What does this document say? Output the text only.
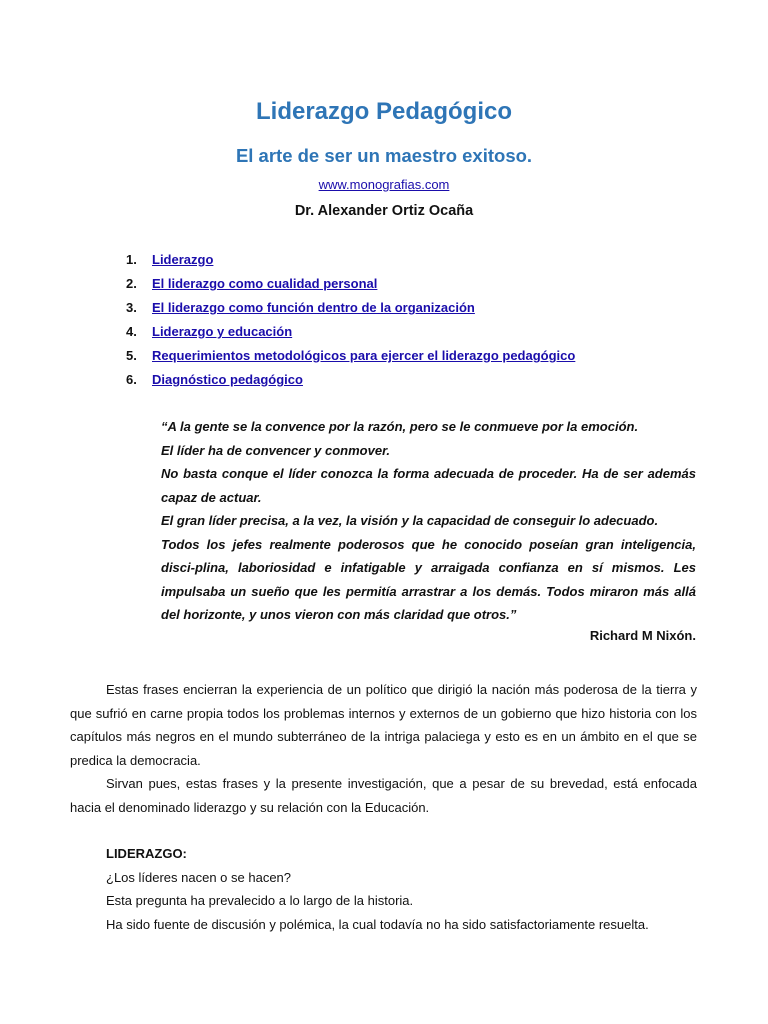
Liderazgo Pedagógico
El arte de ser un maestro exitoso.
www.monografias.com
Dr. Alexander Ortiz Ocaña
1. Liderazgo
2. El liderazgo como cualidad personal
3. El liderazgo como función dentro de la organización
4. Liderazgo y educación
5. Requerimientos metodológicos para ejercer el liderazgo pedagógico
6. Diagnóstico pedagógico

“A la gente se la convence por la razón, pero se le conmueve por la emoción.

El líder ha de convencer y conmover.

No basta conque el líder conozca la forma adecuada de proceder. Ha de ser además capaz de actuar.

El gran líder precisa, a la vez, la visión y la capacidad de conseguir lo adecuado.

Todos los jefes realmente poderosos que he conocido poseían gran inteligencia, disci-plina, laboriosidad e infatigable y arraigada confianza en sí mismos. Les impulsaba un sueño que les permitía arrastrar a los demás. Todos miraron más allá del horizonte, y unos vieron con más claridad que otros.”

Richard M Nixón.

Estas frases encierran la experiencia de un político que dirigió la nación más poderosa de la tierra y que sufrió en carne propia todos los problemas internos y externos de un gobierno que hizo historia con los capítulos más negros en el mundo subterráneo de la intriga palaciega y esto es en un ámbito en el que se predica la democracia.

Sirvan pues, estas frases y la presente investigación, que a pesar de su brevedad, está enfocada hacia el denominado liderazgo y su relación con la Educación.

LIDERAZGO:
¿Los líderes nacen o se hacen?
Esta pregunta ha prevalecido a lo largo de la historia.
Ha sido fuente de discusión y polémica, la cual todavía no ha sido satisfactoriamente resuelta.
